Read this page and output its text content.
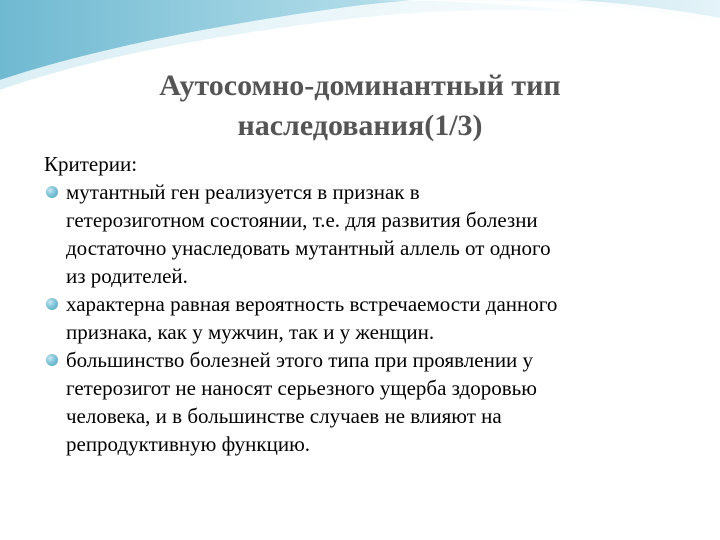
Аутосомно-доминантный тип
наследования(1/3)
Критерии:
мутантный ген реализуется в признак в
гетерозиготном состоянии, т.е. для развития болезни
достаточно унаследовать мутантный аллель от одного
из родителей.
характерна равная вероятность встречаемости данного
признака, как у мужчин, так и у женщин.
большинство болезней этого типа при проявлении у
гетерозигот не наносят серьезного ущерба здоровью
человека, и в большинстве случаев не влияют на
репродуктивную функцию.
